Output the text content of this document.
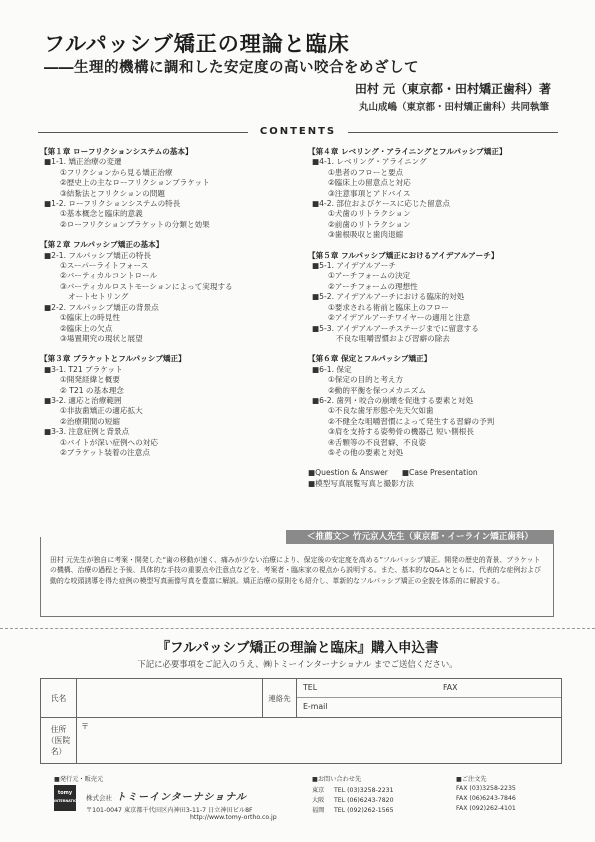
フルパッシブ矯正の理論と臨床
――生理的機構に調和した安定度の高い咬合をめざして
田村 元（東京都・田村矯正歯科）著
丸山成嶋（東京都・田村矯正歯科）共同執筆
CONTENTS
【第１章 ローフリクションシステムの基本】
■1-1. 矯正治療の変遷
①フリクションから見る矯正治療
②歴史上の主なローフリクションブラケット
③結紮法とフリクションの問題
■1-2. ローフリクションシステムの特長
①基本概念と臨床的意義
②ローフリクションブラケットの分類と効果
【第２章 フルパッシブ矯正の基本】
■2-1. フルパッシブ矯正の特長
①スーパーライトフォース
②バーティカルコントロール
③バーティカルロストモーションによって実現する
オートセトリング
■2-2. フルパッシブ矯正の背景点
①臨床上の時見性
②臨床上の欠点
③場置期究の現状と展望
【第３章 ブラケットとフルパッシブ矯正】
■3-1. T21 ブラケット
①開発経緯と概要
② T21 の基本理念
■3-2. 適応と治療範囲
①非抜歯矯正の適応拡大
②治療期間の短縮
■3-3. 注意症例と背景点
①バイトが深い症例への対応
②ブラケット装着の注意点
【第４章 レベリング・アライニングとフルパッシブ矯正】
■4-1. レベリング・アライニング
①患者のフローと要点
②臨床上の留意点と対応
③注意事項とアドバイス
■4-2. 部位およびケースに応じた留意点
①犬歯のリトラクション
②前歯のリトラクション
③歯根吸収と歯肉退縮
【第５章 フルパッシブ矯正におけるアイデアルアーチ】
■5-1. アイデアルアーチ
①アーチフォームの決定
②アーチフォームの理想性
■5-2. アイデアルアーチにおける臨床的対処
①要求される術前と臨床上のフロー
②アイデアルアーチワイヤーの適用と注意
■5-3. アイデアルアーチステージまでに留意する
不良な咀嚼習慣および習癖の除去
【第６章 保定とフルパッシブ矯正】
■6-1. 保定
①保定の目的と考え方
②動的平衡を保つメカニズム
■6-2. 歯列・咬合の崩壊を促進する要素と対処
①不良な歯牙形態や先天欠如歯
②不健全な咀嚼習慣によって発生する習癖の予判
③肩を支持する姿勢骨の機器己 短い側根長
④舌顆等の不良習癖、不良姿
⑤その他の要素と対処
■Question & Answer ■Case Presentation
■模型写真展覧写真と撮影方法
＜推薦文＞ 竹元京人先生（東京都・イーライン矯正歯科）
田村 元先生が独自に考案・開発した“歯の移動が速く、痛みが少ない治療により、保定後の安定度を高める”フルパッシブ矯正。開発の歴史的背景、ブラケットの機構、治療の過程と予後、具体的な手技の重要点や注意点などを、考案者・臨床家の視点から説明する。また、基本的なQ&Aとともに、代表的な症例および動的な咬頭誘導を得た症例の模型写真画像写真を豊富に解説。矯正治療の原則をも紹介し、革新的なフルパッシブ矯正の全貌を体系的に解説する。
『フルパッシブ矯正の理論と臨床』購入申込書
下記に必要事項をご記入のうえ、㈱トミーインターナショナル までご送信ください。
氏名		連絡先	TEL FAX
E-mail

住所
（医院名）	〒		
■発行元・販売元
tomy
INTERNATIONAL 株式会社 トミーインターナショナル
〒101-0047 東京都千代田区内神田3-11-7 日立神田ビル8F
http://www.tomy-ortho.co.jp
■お問い合わせ先	■ご注文先
東京 TEL (03)3258-2231
大阪 TEL (06)6243-7820
福岡 TEL (092)262-1565
FAX (03)3258-2235
FAX (06)6243-7846
FAX (092)262-4101
